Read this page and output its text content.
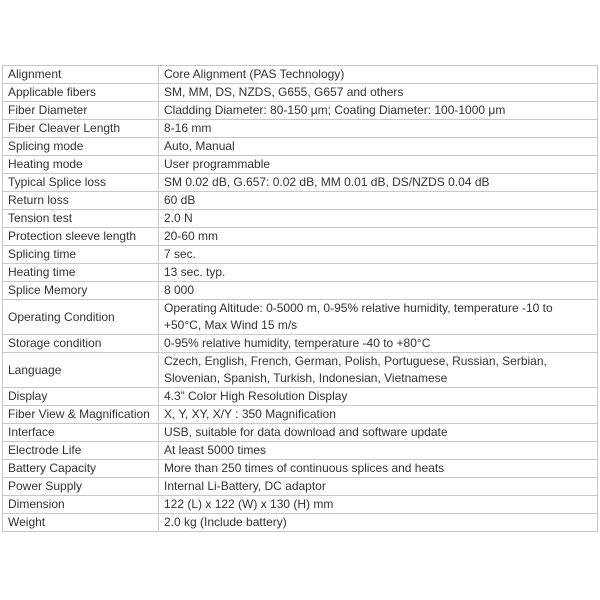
Alignment	Core Alignment (PAS Technology)
Applicable fibers	SM, MM, DS, NZDS, G655, G657 and others
Fiber Diameter	Cladding Diameter: 80-150 μm; Coating Diameter: 100-1000 μm
Fiber Cleaver Length	8-16 mm
Splicing mode	Auto, Manual
Heating mode	User programmable
Typical Splice loss	SM 0.02 dB, G.657: 0.02 dB, MM 0.01 dB, DS/NZDS 0.04 dB
Return loss	60 dB
Tension test	2.0 N
Protection sleeve length	20-60 mm
Splicing time	7 sec.
Heating time	13 sec. typ.
Splice Memory	8 000
Operating Condition	Operating Altitude: 0-5000 m, 0-95% relative humidity, temperature -10 to +50°C, Max Wind 15 m/s
Storage condition	0-95% relative humidity, temperature -40 to +80°C
Language	Czech, English, French, German, Polish, Portuguese, Russian, Serbian, Slovenian, Spanish, Turkish, Indonesian, Vietnamese
Display	4.3” Color High Resolution Display
Fiber View & Magnification	X, Y, XY, X/Y : 350 Magnification
Interface	USB, suitable for data download and software update
Electrode Life	At least 5000 times
Battery Capacity	More than 250 times of continuous splices and heats
Power Supply	Internal Li-Battery, DC adaptor
Dimension	122 (L) x 122 (W) x 130 (H) mm
Weight	2.0 kg (Include battery)
